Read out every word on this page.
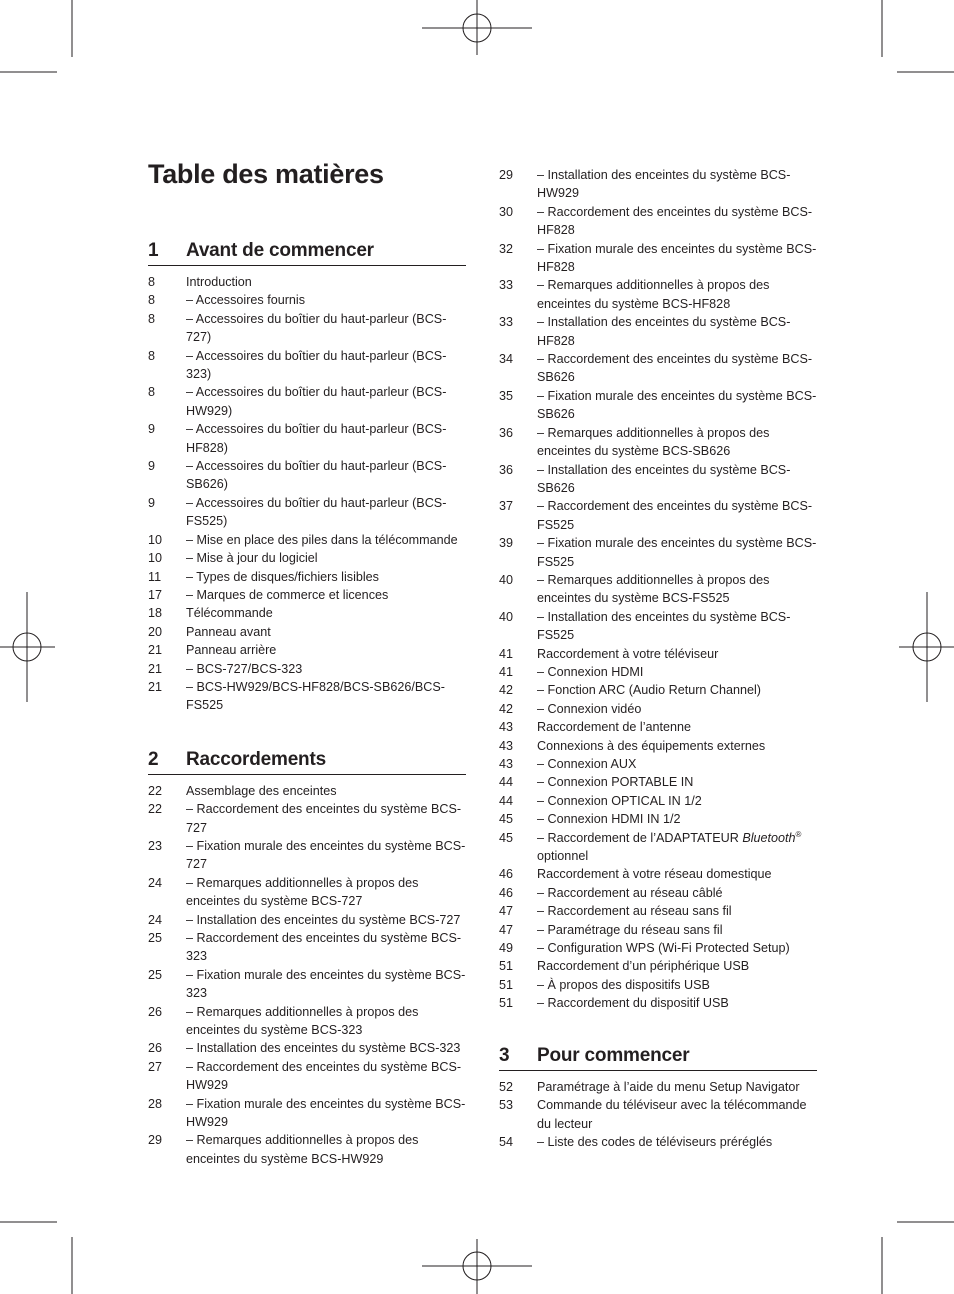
Table des matières
1	Avant de commencer
8	Introduction
8	– Accessoires fournis
8	– Accessoires du boîtier du haut-parleur (BCS-727)
8	– Accessoires du boîtier du haut-parleur (BCS-323)
8	– Accessoires du boîtier du haut-parleur (BCS-HW929)
9	– Accessoires du boîtier du haut-parleur (BCS-HF828)
9	– Accessoires du boîtier du haut-parleur (BCS-SB626)
9	– Accessoires du boîtier du haut-parleur (BCS-FS525)
10	– Mise en place des piles dans la télécommande
10	– Mise à jour du logiciel
11	– Types de disques/fichiers lisibles
17	– Marques de commerce et licences
18	Télécommande
20	Panneau avant
21	Panneau arrière
21	– BCS-727/BCS-323
21	– BCS-HW929/BCS-HF828/BCS-SB626/BCS-FS525
2	Raccordements
22	Assemblage des enceintes
22	– Raccordement des enceintes du système BCS-727
23	– Fixation murale des enceintes du système BCS-727
24	– Remarques additionnelles à propos des enceintes du système BCS-727
24	– Installation des enceintes du système BCS-727
25	– Raccordement des enceintes du système BCS-323
25	– Fixation murale des enceintes du système BCS-323
26	– Remarques additionnelles à propos des enceintes du système BCS-323
26	– Installation des enceintes du système BCS-323
27	– Raccordement des enceintes du système BCS-HW929
28	– Fixation murale des enceintes du système BCS-HW929
29	– Remarques additionnelles à propos des enceintes du système BCS-HW929
29	– Installation des enceintes du système BCS-HW929
30	– Raccordement des enceintes du système BCS-HF828
32	– Fixation murale des enceintes du système BCS-HF828
33	– Remarques additionnelles à propos des enceintes du système BCS-HF828
33	– Installation des enceintes du système BCS-HF828
34	– Raccordement des enceintes du système BCS-SB626
35	– Fixation murale des enceintes du système BCS-SB626
36	– Remarques additionnelles à propos des enceintes du système BCS-SB626
36	– Installation des enceintes du système BCS-SB626
37	– Raccordement des enceintes du système BCS-FS525
39	– Fixation murale des enceintes du système BCS-FS525
40	– Remarques additionnelles à propos des enceintes du système BCS-FS525
40	– Installation des enceintes du système BCS-FS525
41	Raccordement à votre téléviseur
41	– Connexion HDMI
42	– Fonction ARC (Audio Return Channel)
42	– Connexion vidéo
43	Raccordement de l’antenne
43	Connexions à des équipements externes
43	– Connexion AUX
44	– Connexion PORTABLE IN
44	– Connexion OPTICAL IN 1/2
45	– Connexion HDMI IN 1/2
45	– Raccordement de l’ADAPTATEUR Bluetooth® optionnel
46	Raccordement à votre réseau domestique
46	– Raccordement au réseau câblé
47	– Raccordement au réseau sans fil
47	– Paramétrage du réseau sans fil
49	– Configuration WPS (Wi-Fi Protected Setup)
51	Raccordement d’un périphérique USB
51	– À propos des dispositifs USB
51	– Raccordement du dispositif USB
3	Pour commencer
52	Paramétrage à l’aide du menu Setup Navigator
53	Commande du téléviseur avec la télécommande du lecteur
54	– Liste des codes de téléviseurs préréglés
